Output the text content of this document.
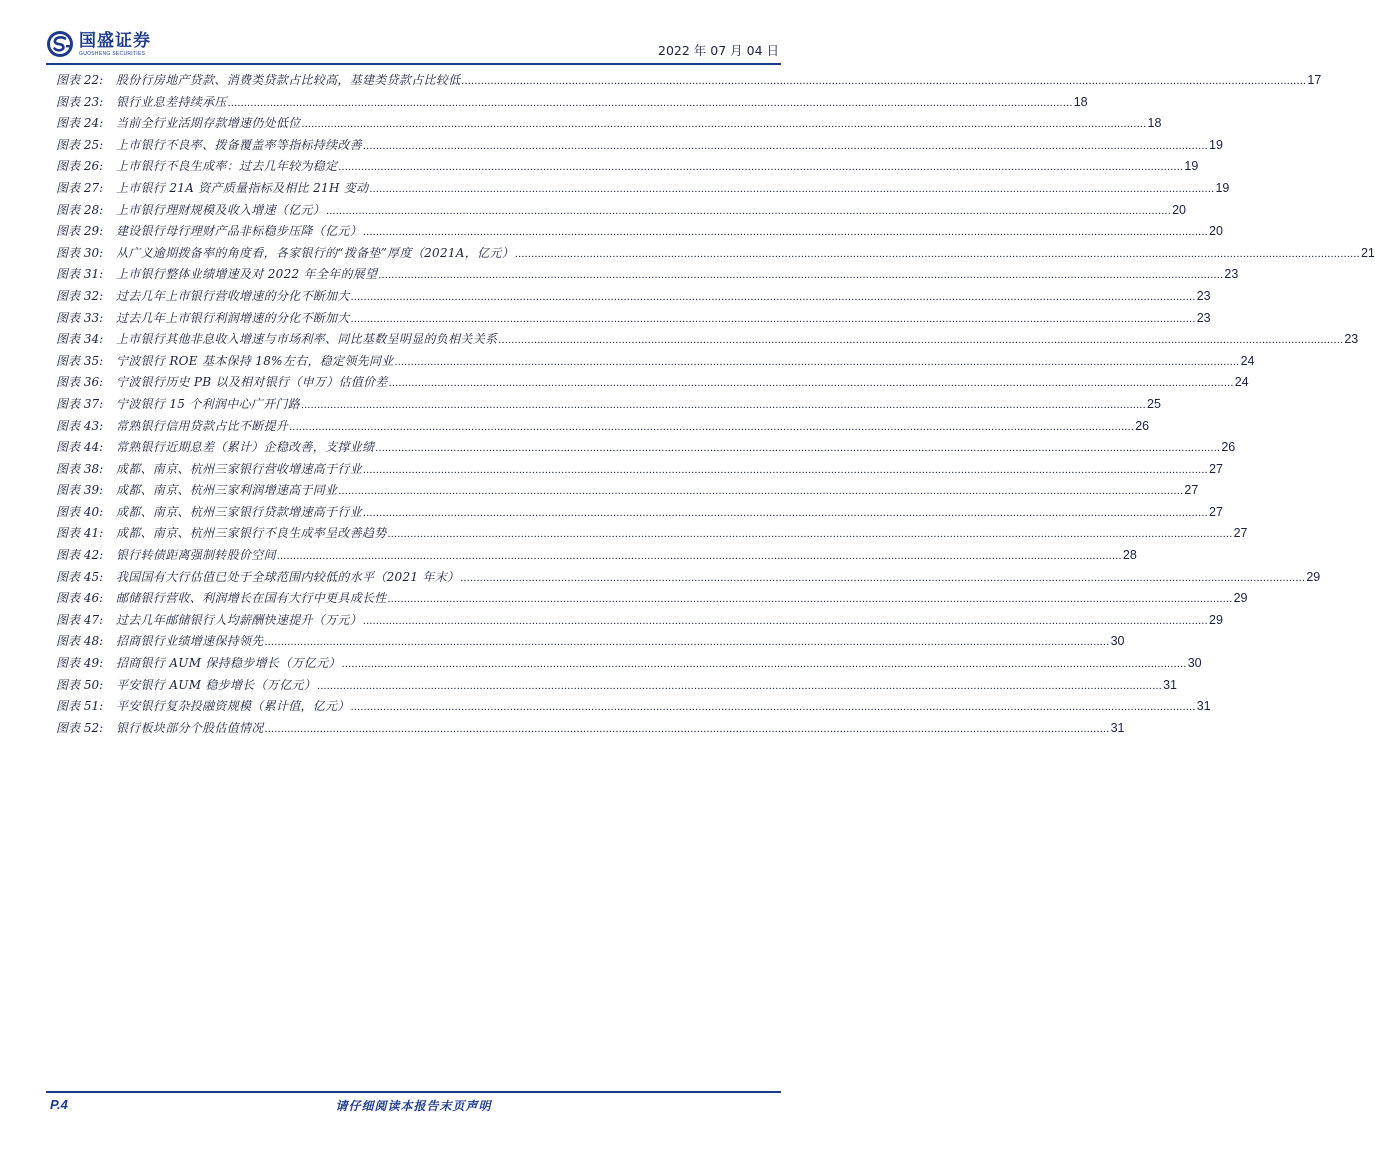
国盛证券
GUOSHENG SECURITIES	2022 年 07 月 04 日
图表 22:	股份行房地产贷款、消费类贷款占比较高，基建类贷款占比较低 .................................................................................................................................................................................................................................................................... 17
图表 23:	银行业息差持续承压 .................................................................................................................................................................................................................................................................... 18
图表 24:	当前全行业活期存款增速仍处低位 .................................................................................................................................................................................................................................................................... 18
图表 25:	上市银行不良率、拨备覆盖率等指标持续改善 .................................................................................................................................................................................................................................................................... 19
图表 26:	上市银行不良生成率：过去几年较为稳定 .................................................................................................................................................................................................................................................................... 19
图表 27:	上市银行 21A 资产质量指标及相比 21H 变动 .................................................................................................................................................................................................................................................................... 19
图表 28:	上市银行理财规模及收入增速（亿元） .................................................................................................................................................................................................................................................................... 20
图表 29:	建设银行母行理财产品非标稳步压降（亿元） .................................................................................................................................................................................................................................................................... 20
图表 30:	从广义逾期拨备率的角度看，各家银行的“拨备垫”厚度（2021A，亿元） .................................................................................................................................................................................................................................................................... 21
图表 31:	上市银行整体业绩增速及对 2022 年全年的展望 .................................................................................................................................................................................................................................................................... 23
图表 32:	过去几年上市银行营收增速的分化不断加大 .................................................................................................................................................................................................................................................................... 23
图表 33:	过去几年上市银行利润增速的分化不断加大 .................................................................................................................................................................................................................................................................... 23
图表 34:	上市银行其他非息收入增速与市场利率、同比基数呈明显的负相关关系 .................................................................................................................................................................................................................................................................... 23
图表 35:	宁波银行 ROE 基本保持 18%左右，稳定领先同业 .................................................................................................................................................................................................................................................................... 24
图表 36:	宁波银行历史 PB 以及相对银行（申万）估值价差 .................................................................................................................................................................................................................................................................... 24
图表 37:	宁波银行 15 个利润中心广开门路 .................................................................................................................................................................................................................................................................... 25
图表 43:	常熟银行信用贷款占比不断提升 .................................................................................................................................................................................................................................................................... 26
图表 44:	常熟银行近期息差（累计）企稳改善，支撑业绩 .................................................................................................................................................................................................................................................................... 26
图表 38:	成都、南京、杭州三家银行营收增速高于行业 .................................................................................................................................................................................................................................................................... 27
图表 39:	成都、南京、杭州三家利润增速高于同业 .................................................................................................................................................................................................................................................................... 27
图表 40:	成都、南京、杭州三家银行贷款增速高于行业 .................................................................................................................................................................................................................................................................... 27
图表 41:	成都、南京、杭州三家银行不良生成率呈改善趋势 .................................................................................................................................................................................................................................................................... 27
图表 42:	银行转债距离强制转股价空间 .................................................................................................................................................................................................................................................................... 28
图表 45:	我国国有大行估值已处于全球范围内较低的水平（2021 年末） .................................................................................................................................................................................................................................................................... 29
图表 46:	邮储银行营收、利润增长在国有大行中更具成长性 .................................................................................................................................................................................................................................................................... 29
图表 47:	过去几年邮储银行人均薪酬快速提升（万元） .................................................................................................................................................................................................................................................................... 29
图表 48:	招商银行业绩增速保持领先 .................................................................................................................................................................................................................................................................... 30
图表 49:	招商银行 AUM 保持稳步增长（万亿元） .................................................................................................................................................................................................................................................................... 30
图表 50:	平安银行 AUM 稳步增长（万亿元） .................................................................................................................................................................................................................................................................... 31
图表 51:	平安银行复杂投融资规模（累计值，亿元） .................................................................................................................................................................................................................................................................... 31
图表 52:	银行板块部分个股估值情况 .................................................................................................................................................................................................................................................................... 31
P.4	请仔细阅读本报告末页声明
